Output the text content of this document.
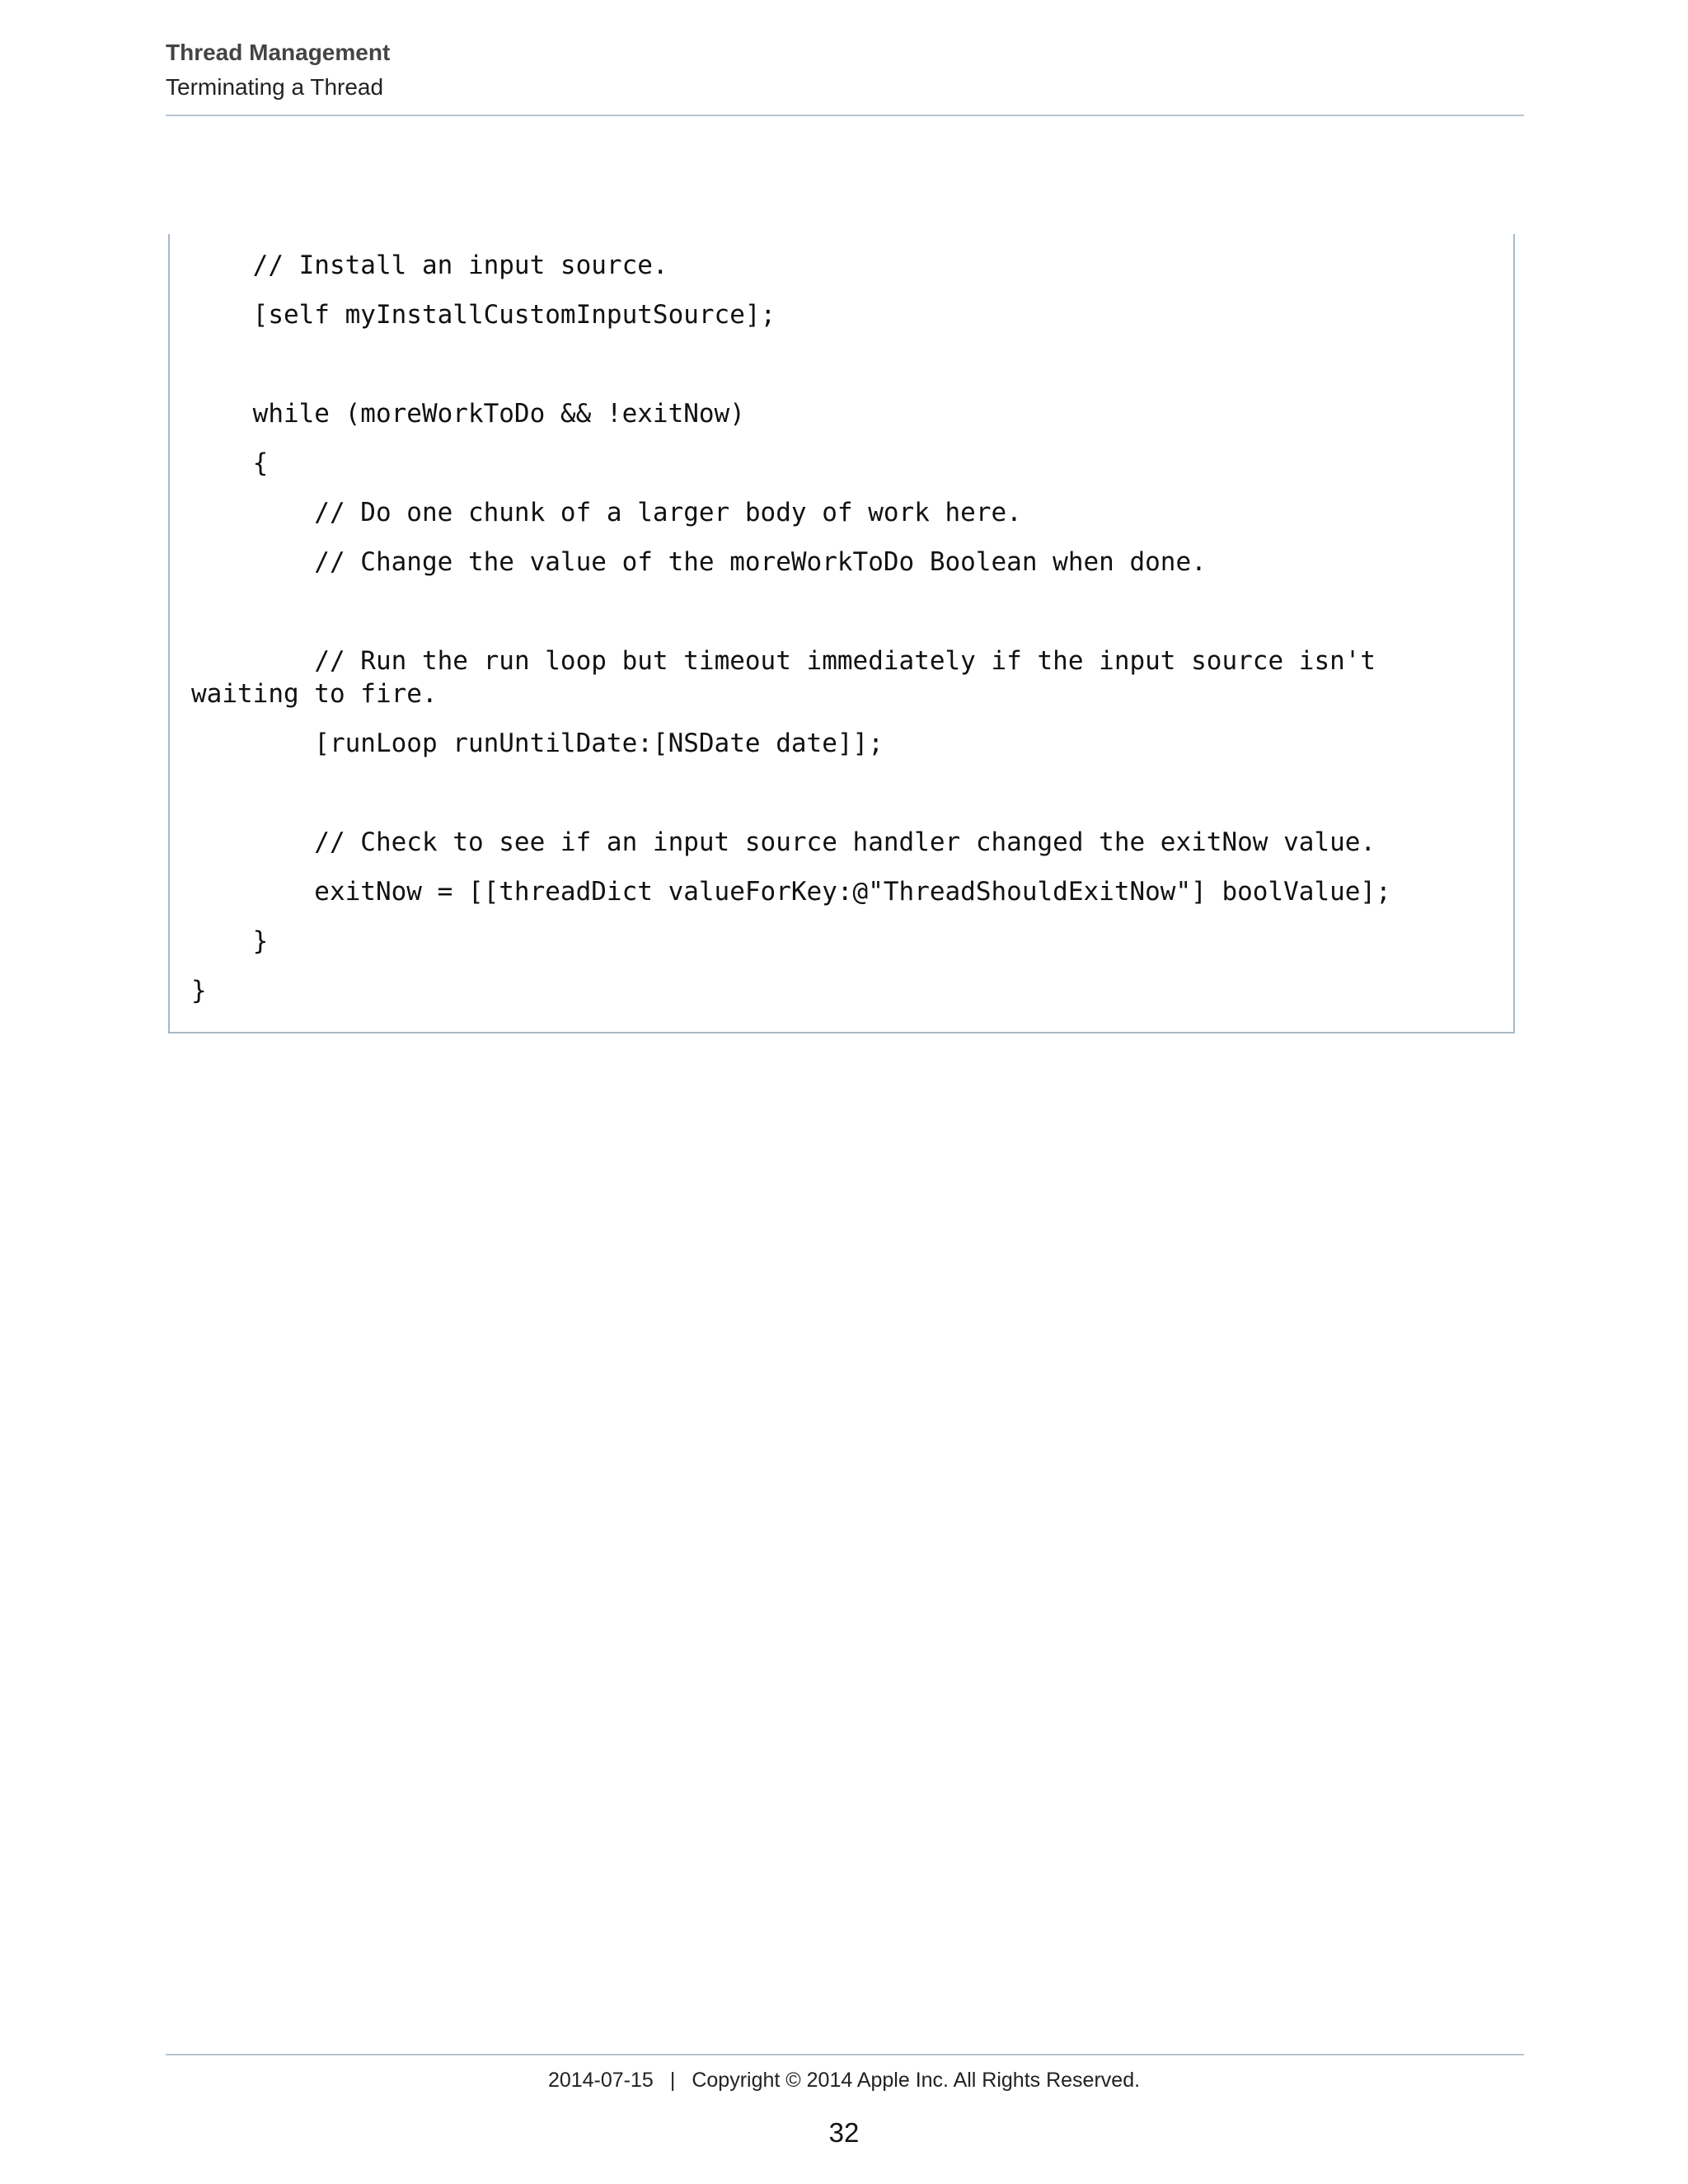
Thread Management
Terminating a Thread
// Install an input source.
[self myInstallCustomInputSource];
while (moreWorkToDo && !exitNow)
{
// Do one chunk of a larger body of work here.
// Change the value of the moreWorkToDo Boolean when done.
// Run the run loop but timeout immediately if the input source isn't waiting to fire.
[runLoop runUntilDate:[NSDate date]];
// Check to see if an input source handler changed the exitNow value.
exitNow = [[threadDict valueForKey:@"ThreadShouldExitNow"] boolValue];
}
}
2014-07-15 | Copyright © 2014 Apple Inc. All Rights Reserved.
32
